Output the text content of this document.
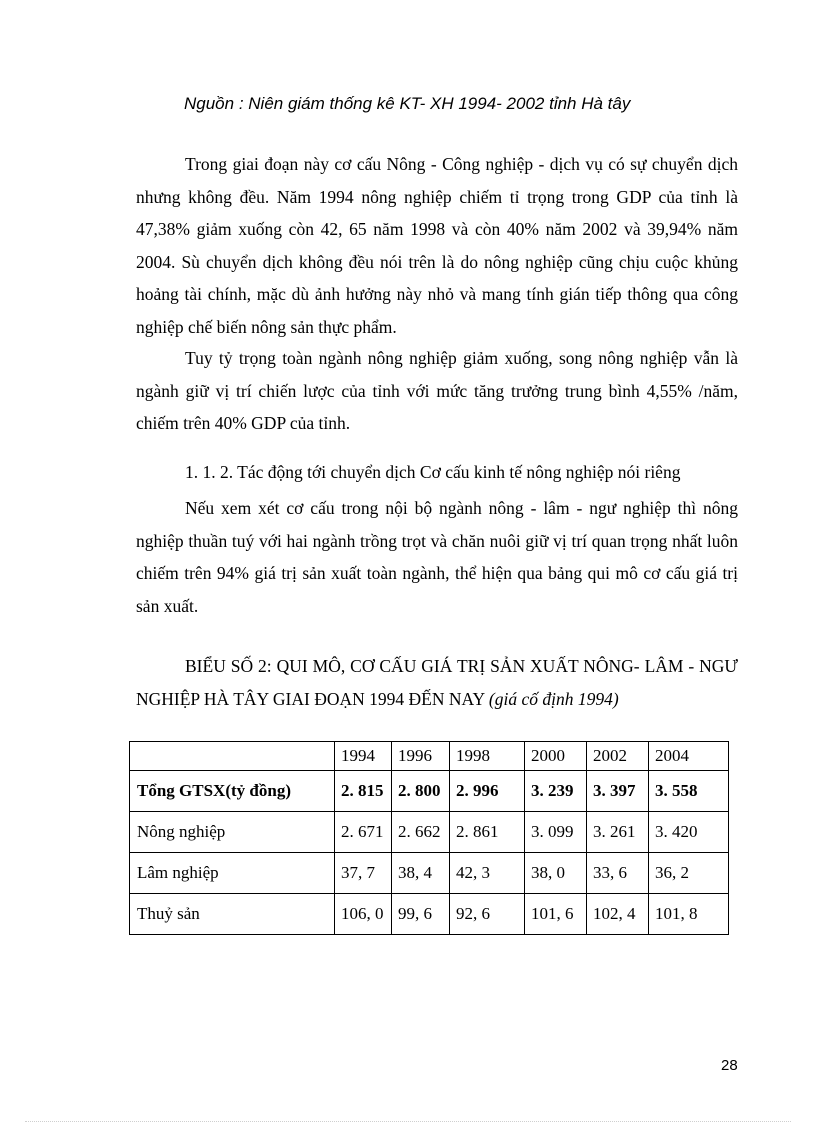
Nguồn : Niên giám thống kê KT- XH 1994- 2002 tỉnh Hà tây

Trong giai đoạn này cơ cấu Nông - Công nghiệp - dịch vụ có sự chuyển dịch nhưng không đều. Năm 1994 nông nghiệp chiếm tỉ trọng trong GDP của tỉnh là 47,38% giảm xuống còn 42, 65 năm 1998 và còn 40% năm 2002 và 39,94% năm 2004. Sù chuyển dịch không đều nói trên là do nông nghiệp cũng chịu cuộc khủng hoảng tài chính, mặc dù ảnh hưởng này nhỏ và mang tính gián tiếp thông qua công nghiệp chế biến nông sản thực phẩm.

Tuy tỷ trọng toàn ngành nông nghiệp giảm xuống, song nông nghiệp vẫn là ngành giữ vị trí chiến lược của tỉnh với mức tăng trưởng trung bình 4,55% /năm, chiếm trên 40% GDP của tỉnh.

1. 1. 2. Tác động tới chuyển dịch Cơ cấu kinh tế nông nghiệp nói riêng

Nếu xem xét cơ cấu trong nội bộ ngành nông - lâm - ngư nghiệp thì nông nghiệp thuần tuý với hai ngành trồng trọt và chăn nuôi giữ vị trí quan trọng nhất luôn chiếm trên 94% giá trị sản xuất toàn ngành, thể hiện qua bảng qui mô cơ cấu giá trị sản xuất.

BIỂU SỐ 2: QUI MÔ, CƠ CẤU GIÁ TRỊ SẢN XUẤT NÔNG- LÂM - NGƯ NGHIỆP HÀ TÂY GIAI ĐOẠN 1994 ĐẾN NAY (giá cố định 1994)

	1994	1996	1998	2000	2002	2004
Tổng GTSX(tỷ đồng)	2. 815	2. 800	2. 996	3. 239	3. 397	3. 558
Nông nghiệp	2. 671	2. 662	2. 861	3. 099	3. 261	3. 420
Lâm nghiệp	37, 7	38, 4	42, 3	38, 0	33, 6	36, 2
Thuỷ sản	106, 0	99, 6	92, 6	101, 6	102, 4	101, 8
28
